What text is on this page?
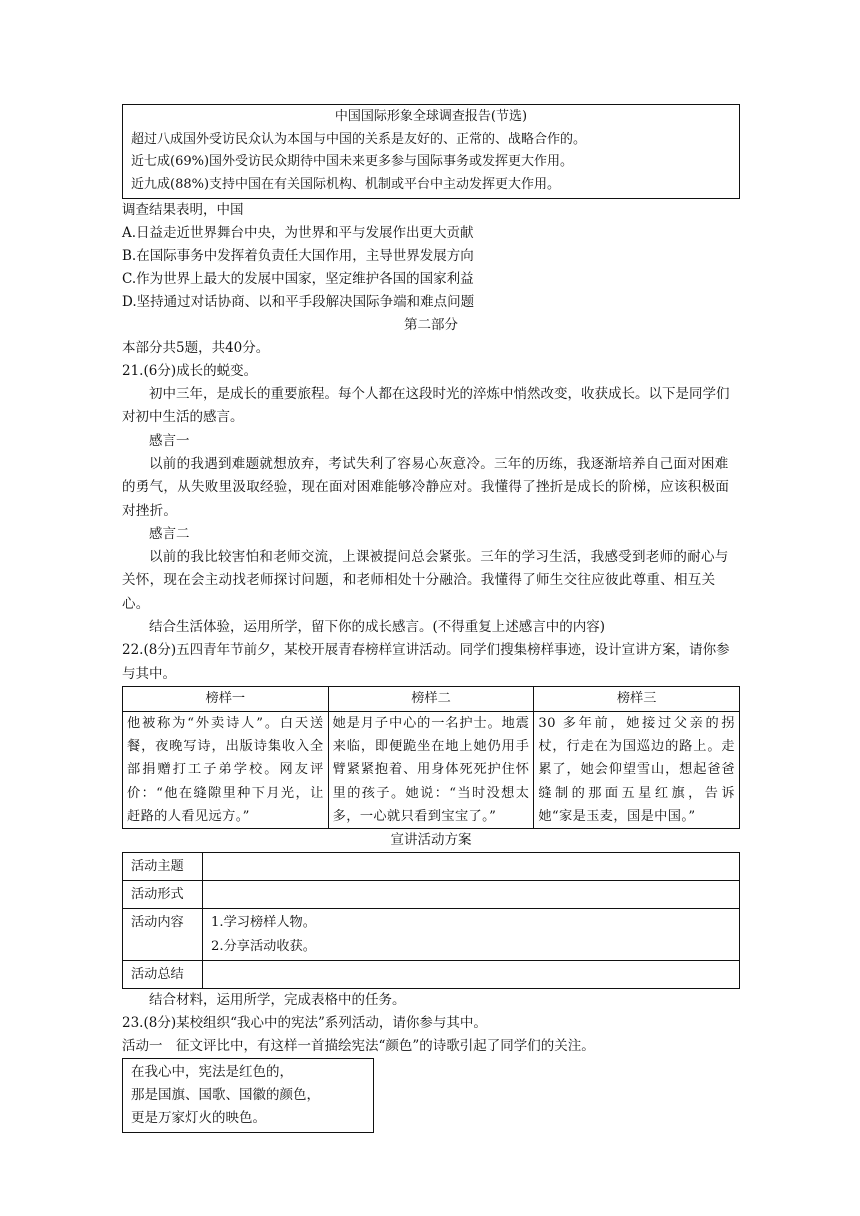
中国国际形象全球调查报告(节选)
超过八成国外受访民众认为本国与中国的关系是友好的、正常的、战略合作的。
近七成(69%)国外受访民众期待中国未来更多参与国际事务或发挥更大作用。
近九成(88%)支持中国在有关国际机构、机制或平台中主动发挥更大作用。
调查结果表明，中国
A.日益走近世界舞台中央，为世界和平与发展作出更大贡献
B.在国际事务中发挥着负责任大国作用，主导世界发展方向
C.作为世界上最大的发展中国家，坚定维护各国的国家利益
D.坚持通过对话协商、以和平手段解决国际争端和难点问题
第二部分
本部分共5题，共40分。
21.(6分)成长的蜕变。
初中三年，是成长的重要旅程。每个人都在这段时光的淬炼中悄然改变，收获成长。以下是同学们对初中生活的感言。
感言一
以前的我遇到难题就想放弃，考试失利了容易心灰意冷。三年的历练，我逐渐培养自己面对困难的勇气，从失败里汲取经验，现在面对困难能够冷静应对。我懂得了挫折是成长的阶梯，应该积极面对挫折。
感言二
以前的我比较害怕和老师交流，上课被提问总会紧张。三年的学习生活，我感受到老师的耐心与关怀，现在会主动找老师探讨问题，和老师相处十分融洽。我懂得了师生交往应彼此尊重、相互关心。
结合生活体验，运用所学，留下你的成长感言。(不得重复上述感言中的内容)
22.(8分)五四青年节前夕，某校开展青春榜样宣讲活动。同学们搜集榜样事迹，设计宣讲方案，请你参与其中。
榜样一	榜样二	榜样三
他被称为“外卖诗人”。白天送餐，夜晚写诗，出版诗集收入全部捐赠打工子弟学校。网友评价：“他在缝隙里种下月光，让赶路的人看见远方。”	她是月子中心的一名护士。地震来临，即便跪坐在地上她仍用手臂紧紧抱着、用身体死死护住怀里的孩子。她说：“当时没想太多，一心就只看到宝宝了。”	30 多年前，她接过父亲的拐杖，行走在为国巡边的路上。走累了，她会仰望雪山，想起爸爸缝制的那面五星红旗，告诉她“家是玉麦，国是中国。”
宣讲活动方案
活动主题	
活动形式	
活动内容	1.学习榜样人物。
2.分享活动收获。

活动总结	
结合材料，运用所学，完成表格中的任务。
23.(8分)某校组织“我心中的宪法”系列活动，请你参与其中。
活动一　征文评比中，有这样一首描绘宪法“颜色”的诗歌引起了同学们的关注。
在我心中，宪法是红色的，
那是国旗、国歌、国徽的颜色，
更是万家灯火的映色。
